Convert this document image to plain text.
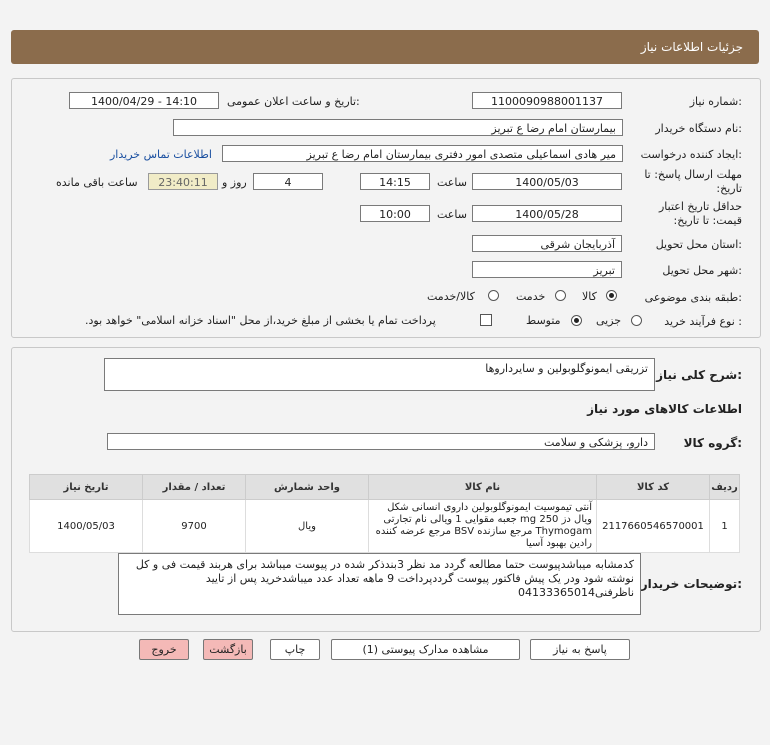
جزئیات اطلاعات نیاز
شماره نیاز:
1100090988001137
تاریخ و ساعت اعلان عمومی:
1400/04/29 - 14:10
نام دستگاه خریدار:
بیمارستان امام رضا ع تبریز
ایجاد کننده درخواست:
میر هادی اسماعیلی متصدی امور دفتری بیمارستان امام رضا ع تبریز
اطلاعات تماس خریدار
مهلت ارسال پاسخ: تا تاریخ:
1400/05/03
ساعت
14:15
4
روز و
23:40:11
ساعت باقی مانده
حداقل تاریخ اعتبار قیمت: تا تاریخ:
1400/05/28
ساعت
10:00
استان محل تحویل:
آذربایجان شرقی
شهر محل تحویل:
تبریز
طبقه بندی موضوعی:
کالا
خدمت
کالا/خدمت
نوع فرآیند خرید :
جزیی
متوسط
پرداخت تمام یا بخشی از مبلغ خرید،از محل "اسناد خزانه اسلامی" خواهد بود.
شرح کلی نیاز:
تزریقی ایمونوگلوبولین و سایرداروها
اطلاعات کالاهای مورد نیاز
گروه کالا:
دارو، پزشکی و سلامت
ردیف	کد کالا	نام کالا	واحد شمارش	تعداد / مقدار	تاریخ نیاز
1	2117660546570001	آنتی تیموسیت ایمونوگلوبولین داروی انسانی شکل ویال دز 250 mg جعبه مقوایی 1 ویالی نام تجارتی Thymogam مرجع سازنده BSV مرجع عرضه کننده رادین بهبود آسیا	ویال	9700	1400/05/03
توضیحات خریدار:
کدمشابه میباشدپیوست حتما مطالعه گردد مد نظر 3بندذکر شده در پیوست میباشد برای هربند قیمت فی و کل نوشته شود ودر یک پیش فاکتور پیوست گرددپرداخت 9 ماهه تعداد عدد میباشدخرید پس از تایید ناظرفنی04133365014
پاسخ به نیاز
مشاهده مدارک پیوستی (1)
چاپ
بازگشت
خروج
